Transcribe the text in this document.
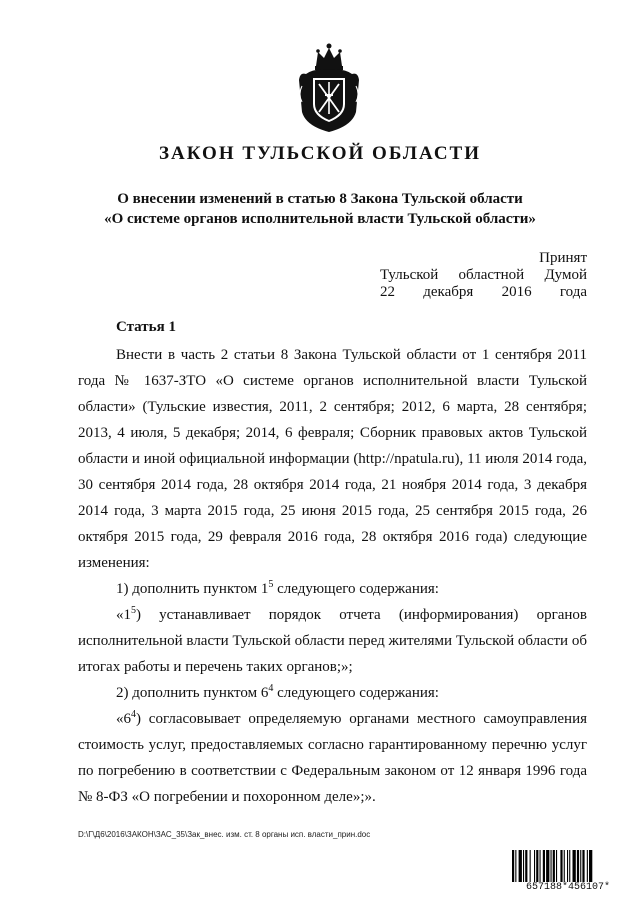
ЗАКОН ТУЛЬСКОЙ ОБЛАСТИ
О внесении изменений в статью 8 Закона Тульской области
«О системе органов исполнительной власти Тульской области»
Принят
Тульской областной Думой
22 декабря 2016 года
Статья 1

Внести в часть 2 статьи 8 Закона Тульской области от 1 сентября 2011

года № 1637-ЗТО «О системе органов исполнительной власти Тульской

области» (Тульские известия, 2011, 2 сентября; 2012, 6 марта, 28 сентября;

2013, 4 июля, 5 декабря; 2014, 6 февраля; Сборник правовых актов Тульской

области и иной официальной информации (http://npatula.ru), 11 июля 2014 года,

30 сентября 2014 года, 28 октября 2014 года, 21 ноября 2014 года, 3 декабря

2014 года, 3 марта 2015 года, 25 июня 2015 года, 25 сентября 2015 года, 26

октября 2015 года, 29 февраля 2016 года, 28 октября 2016 года) следующие

изменения:

1) дополнить пунктом $1^5$ следующего содержания:

«$1^5$) устанавливает порядок отчета (информирования) органов

исполнительной власти Тульской области перед жителями Тульской области об

итогах работы и перечень таких органов;»;

2) дополнить пунктом $6^4$ следующего содержания:

«$6^4$) согласовывает определяемую органами местного самоуправления

стоимость услуг, предоставляемых согласно гарантированному перечню услуг

по погребению в соответствии с Федеральным законом от 12 января 1996 года

№ 8-ФЗ «О погребении и похоронном деле»;».

D:\Г\Д6\2016\ЗАКОН\ЗАС_35\Зак_внес. изм. ст. 8 органы исп. власти_прин.doc
657188*456107*
